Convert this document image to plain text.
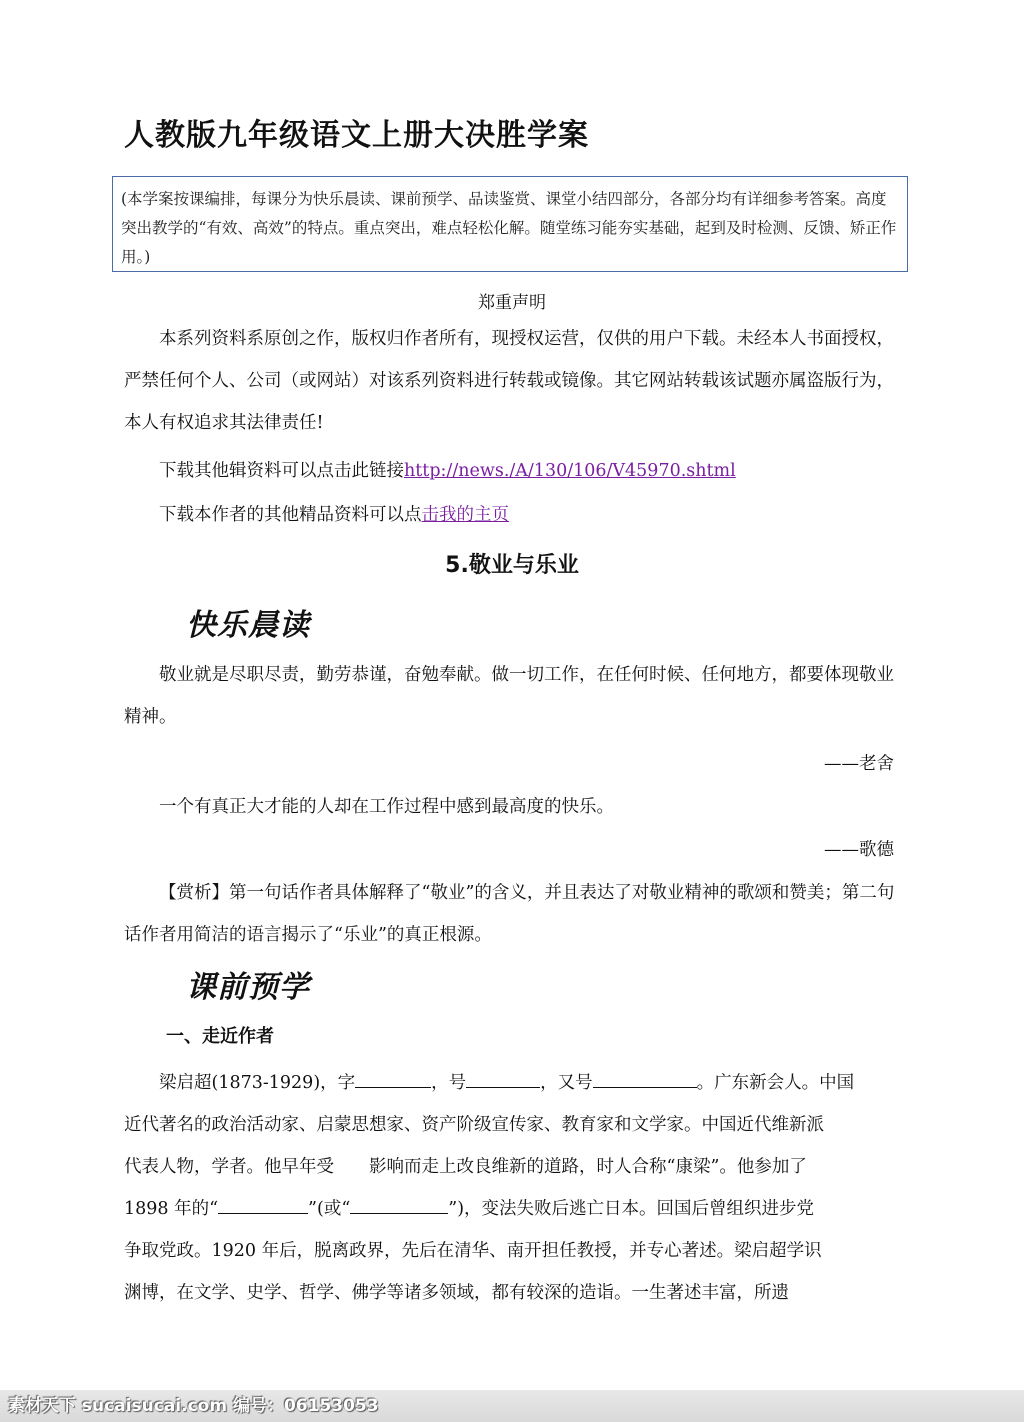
人教版九年级语文上册大决胜学案
(本学案按课编排，每课分为快乐晨读、课前预学、品读鉴赏、课堂小结四部分，各部分均有详细参考答案。高度突出教学的“有效、高效”的特点。重点突出，难点轻松化解。随堂练习能夯实基础，起到及时检测、反馈、矫正作用。)
郑重声明
本系列资料系原创之作，版权归作者所有，现授权运营，仅供的用户下载。未经本人书面授权，严禁任何个人、公司（或网站）对该系列资料进行转载或镜像。其它网站转载该试题亦属盗版行为，本人有权追求其法律责任!
下载其他辑资料可以点击此链接http://news./A/130/106/V45970.shtml
下载本作者的其他精品资料可以点击我的主页
5.敬业与乐业
快乐晨读
敬业就是尽职尽责，勤劳恭谨，奋勉奉献。做一切工作，在任何时候、任何地方，都要体现敬业精神。
——老舍
一个有真正大才能的人却在工作过程中感到最高度的快乐。
——歌德
【赏析】第一句话作者具体解释了“敬业”的含义，并且表达了对敬业精神的歌颂和赞美；第二句话作者用简洁的语言揭示了“乐业”的真正根源。
课前预学
一、走近作者
梁启超(1873-1929)，字	，号	，又号	。广东新会人。中国
近代著名的政治活动家、启蒙思想家、资产阶级宣传家、教育家和文学家。中国近代维新派
代表人物，学者。他早年受　　影响而走上改良维新的道路，时人合称“康梁”。他参加了
1898 年的“	”(或“	”)，变法失败后逃亡日本。回国后曾组织进步党
争取党政。1920 年后，脱离政界，先后在清华、南开担任教授，并专心著述。梁启超学识
渊博，在文学、史学、哲学、佛学等诸多领域，都有较深的造诣。一生著述丰富，所遗
素材天下 sucaisucai.com 编号：06153053
